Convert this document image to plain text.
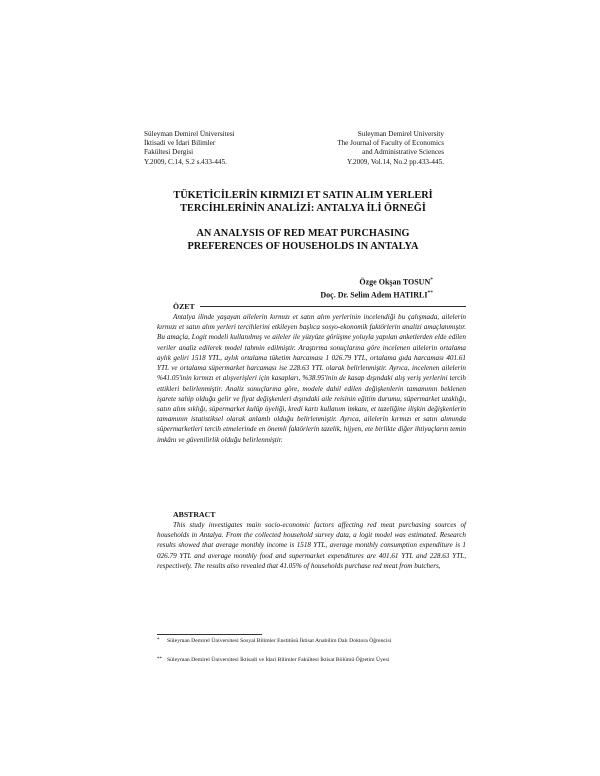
Süleyman Demirel Üniversitesi
İktisadi ve İdari Bilimler
Fakültesi Dergisi
Y.2009, C.14, S.2 s.433-445.
Suleyman Demirel University
The Journal of Faculty of Economics
and Administrative Sciences
Y.2009, Vol.14, No.2 pp.433-445.
TÜKETİCİLERİN KIRMIZI ET SATIN ALIM YERLERİ
TERCİHLERİNİN ANALİZİ: ANTALYA İLİ ÖRNEĞİ
AN ANALYSIS OF RED MEAT PURCHASING
PREFERENCES OF HOUSEHOLDS IN ANTALYA
Özge Okşan TOSUN*
Doç. Dr. Selim Adem HATIRLI**
ÖZET

Antalya ilinde yaşayan ailelerin kırmızı et satın alım yerlerinin incelendiği bu çalışmada, ailelerin kırmızı et satın alım yerleri tercihlerini etkileyen başlıca sosyo-ekonomik faktörlerin analizi amaçlanmıştır. Bu amaçla, Logit modeli kullanılmış ve aileler ile yüzyüze görüşme yoluyla yapılan anketlerden elde edilen veriler analiz edilerek model tahmin edilmiştir. Araştırma sonuçlarına göre incelenen ailelerin ortalama aylık geliri 1518 YTL, aylık ortalama tüketim harcaması 1 026.79 YTL, ortalama gıda harcaması 401.61 YTL ve ortalama süpermarket harcaması ise 228.63 YTL olarak belirlenmiştir. Ayrıca, incelenen ailelerin %41.05'inin kırmızı et alışverişleri için kasapları, %38.95'inin de kasap dışındaki alış veriş yerlerini tercih ettikleri belirlenmiştir. Analiz sonuçlarına göre, modele dahil edilen değişkenlerin tamamının beklenen işarete sahip olduğu gelir ve fiyat değişkenleri dışındaki aile reisinin eğitim durumu, süpermarket uzaklığı, satın alım sıklığı, süpermarket kulüp üyeliği, kredi kartı kullanım imkanı, et tazeliğine ilişkin değişkenlerin tamamının istatistiksel olarak anlamlı olduğu belirlenmiştir. Ayrıca, ailelerin kırmızı et satın alımında süpermarketleri tercih etmelerinde en önemli faktörlerin tazelik, hijyen, ete birlikte diğer ihtiyaçların temin imkânı ve güvenilirlik olduğu belirlenmiştir.

ABSTRACT

This study investigates main socio-economic factors affecting red meat purchasing sources of households in Antalya. From the collected household survey data, a logit model was estimated. Research results showed that average monthly income is 1518 YTL, average monthly consumption expenditure is 1 026.79 YTL and average monthly food and supermarket expenditures are 401.61 YTL and 228.63 YTL, respectively. The results also revealed that 41.05% of households purchase red meat from butchers,

*	Süleyman Demirel Üniversitesi Sosyal Bilimler Enstitüsü İktisat Anabilim Dalı Doktora Öğrencisi
** Süleyman Demirel Üniversitesi İktisadi ve İdari Bilimler Fakültesi İktisat Bölümü Öğretim Üyesi
